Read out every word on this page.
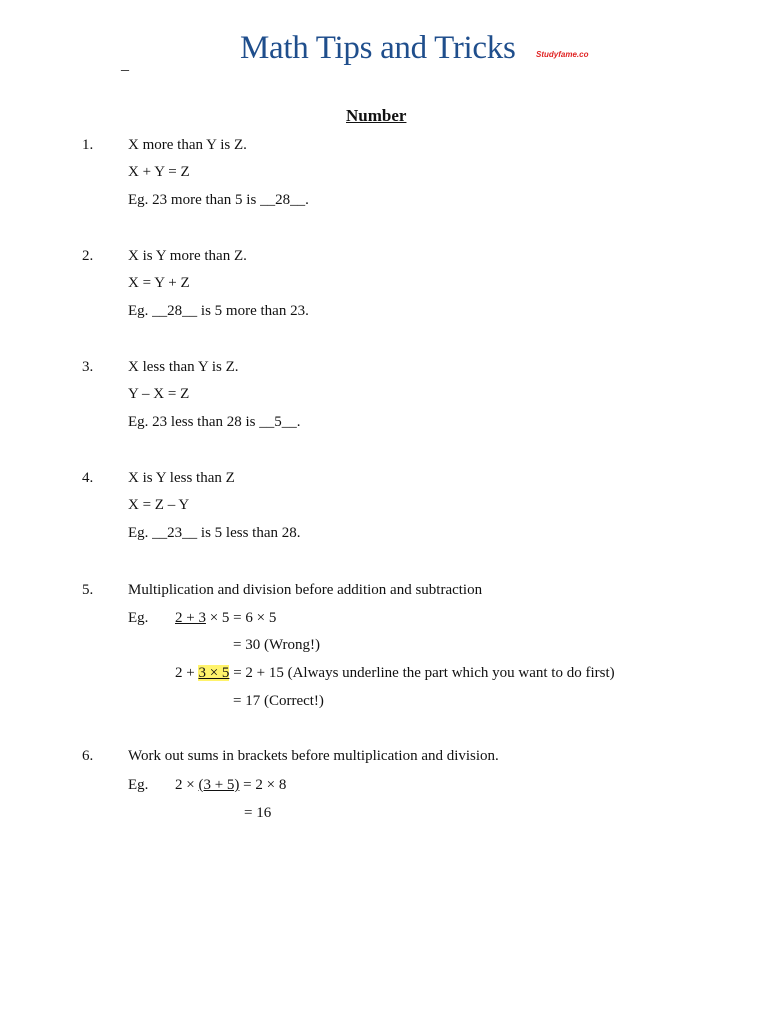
_	Math Tips and Tricks	Studyfame.co
Number
1. X more than Y is Z.
X + Y = Z
Eg. 23 more than 5 is __28__.
2. X is Y more than Z.
X = Y + Z
Eg. __28__ is 5 more than 23.
3. X less than Y is Z.
Y – X = Z
Eg. 23 less than 28 is __5__.
4. X is Y less than Z
X = Z – Y
Eg. __23__ is 5 less than 28.
5. Multiplication and division before addition and subtraction
Eg. 2 + 3 × 5 = 6 × 5
= 30 (Wrong!)
2 + 3 × 5 = 2 + 15 (Always underline the part which you want to do first)
= 17 (Correct!)
6. Work out sums in brackets before multiplication and division.
Eg. 2 × (3 + 5) = 2 × 8
= 16
